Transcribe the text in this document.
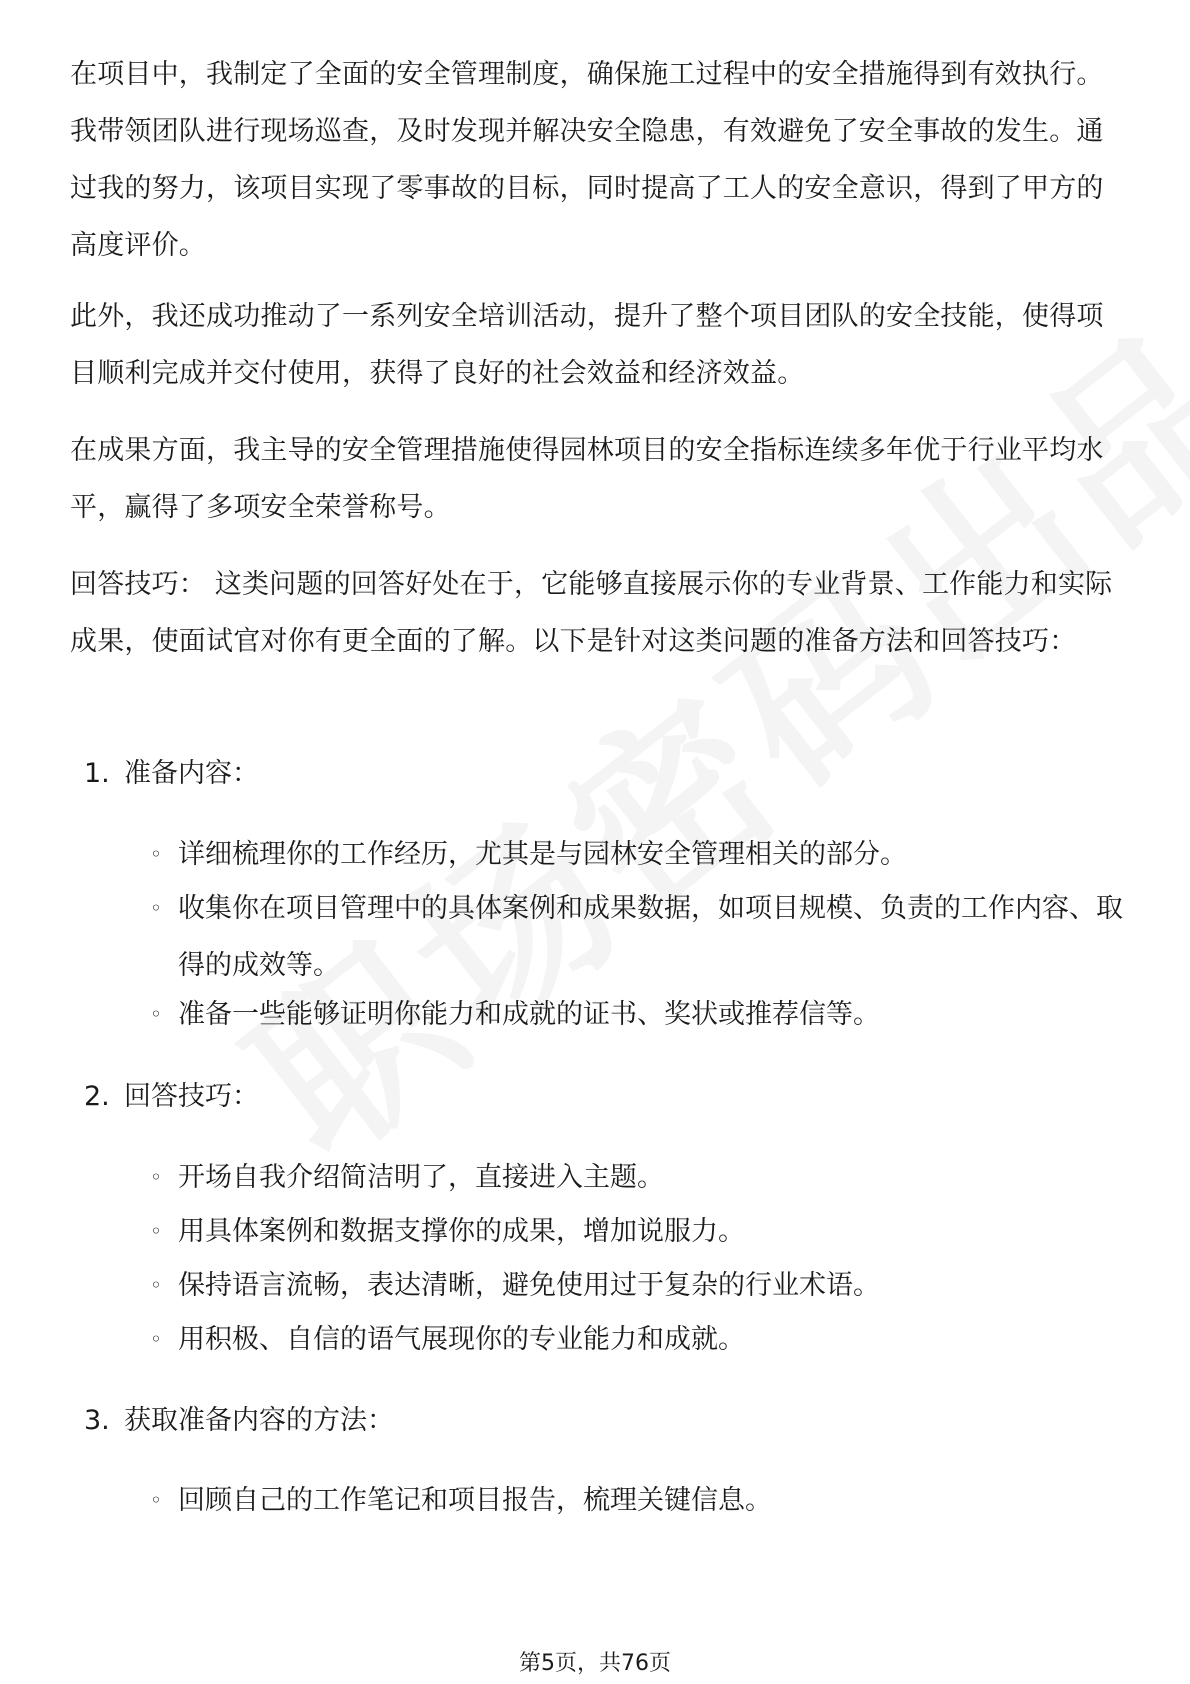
在项目中，我制定了全面的安全管理制度，确保施工过程中的安全措施得到有效执行。我带领团队进行现场巡查，及时发现并解决安全隐患，有效避免了安全事故的发生。通过我的努力，该项目实现了零事故的目标，同时提高了工人的安全意识，得到了甲方的高度评价。

此外，我还成功推动了一系列安全培训活动，提升了整个项目团队的安全技能，使得项目顺利完成并交付使用，获得了良好的社会效益和经济效益。

在成果方面，我主导的安全管理措施使得园林项目的安全指标连续多年优于行业平均水平，赢得了多项安全荣誉称号。

回答技巧： 这类问题的回答好处在于，它能够直接展示你的专业背景、工作能力和实际成果，使面试官对你有更全面的了解。以下是针对这类问题的准备方法和回答技巧：

1. 准备内容：

◦ 详细梳理你的工作经历，尤其是与园林安全管理相关的部分。
◦ 收集你在项目管理中的具体案例和成果数据，如项目规模、负责的工作内容、取得的成效等。
◦ 准备一些能够证明你能力和成就的证书、奖状或推荐信等。

2. 回答技巧：

◦ 开场自我介绍简洁明了，直接进入主题。
◦ 用具体案例和数据支撑你的成果，增加说服力。
◦ 保持语言流畅，表达清晰，避免使用过于复杂的行业术语。
◦ 用积极、自信的语气展现你的专业能力和成就。

3. 获取准备内容的方法：

◦ 回顾自己的工作笔记和项目报告，梳理关键信息。
第5页，共76页
